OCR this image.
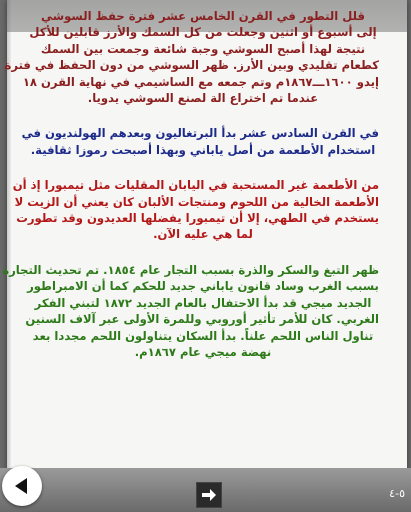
قلل التطور في القرن الخامس عشر فترة حفظ السوشي
إلى أسبوع أو اثنين وجعلت من كل السمك والأرز قابلين للأكل
نتيجة لهذا أصبح السوشي وجبة شائعة وجمعت بين السمك
كطعام تقليدي وبين الأرز. ظهر السوشي من دون الحفظ في فترة
إيدو ١٦٠٠ـــ١٨٦٧م وتم جمعه مع الساشيمي في نهاية القرن ١٨
عندما تم اختراع الة لصنع السوشي يدويا.
في القرن السادس عشر بدأ البرتغاليون وبعدهم الهولنديون في
استخدام الأطعمة من أصل ياباني وبهذا أصبحت رموزا ثقافية.
من الأطعمة غير المستحبة في اليابان المقليات مثل تيمبورا إذ أن
الأطعمة الخالية من اللحوم ومنتجات الألبان كان يعني أن الزيت لا
يستخدم في الطهي، إلا أن تيمبورا يفضلها العديدون وقد تطورت
لما هي عليه الآن.
ظهر التبغ والسكر والذرة بسبب التجار عام ١٨٥٤. تم تحديث التجارة
بسبب الغرب وساد قانون ياباني جديد للحكم كما أن الامبراطور
الجديد ميجي قد بدأ الاحتفال بالعام الجديد ١٨٧٢ لتبني الفكر
الغربي. كان للأمر تأثير أوروبي وللمرة الأولى عبر آلاف السنين
تناول الناس اللحم علناً. بدأ السكان يتناولون اللحم مجددا بعد
نهضة ميجي عام ١٨٦٧م.
٥-٤
